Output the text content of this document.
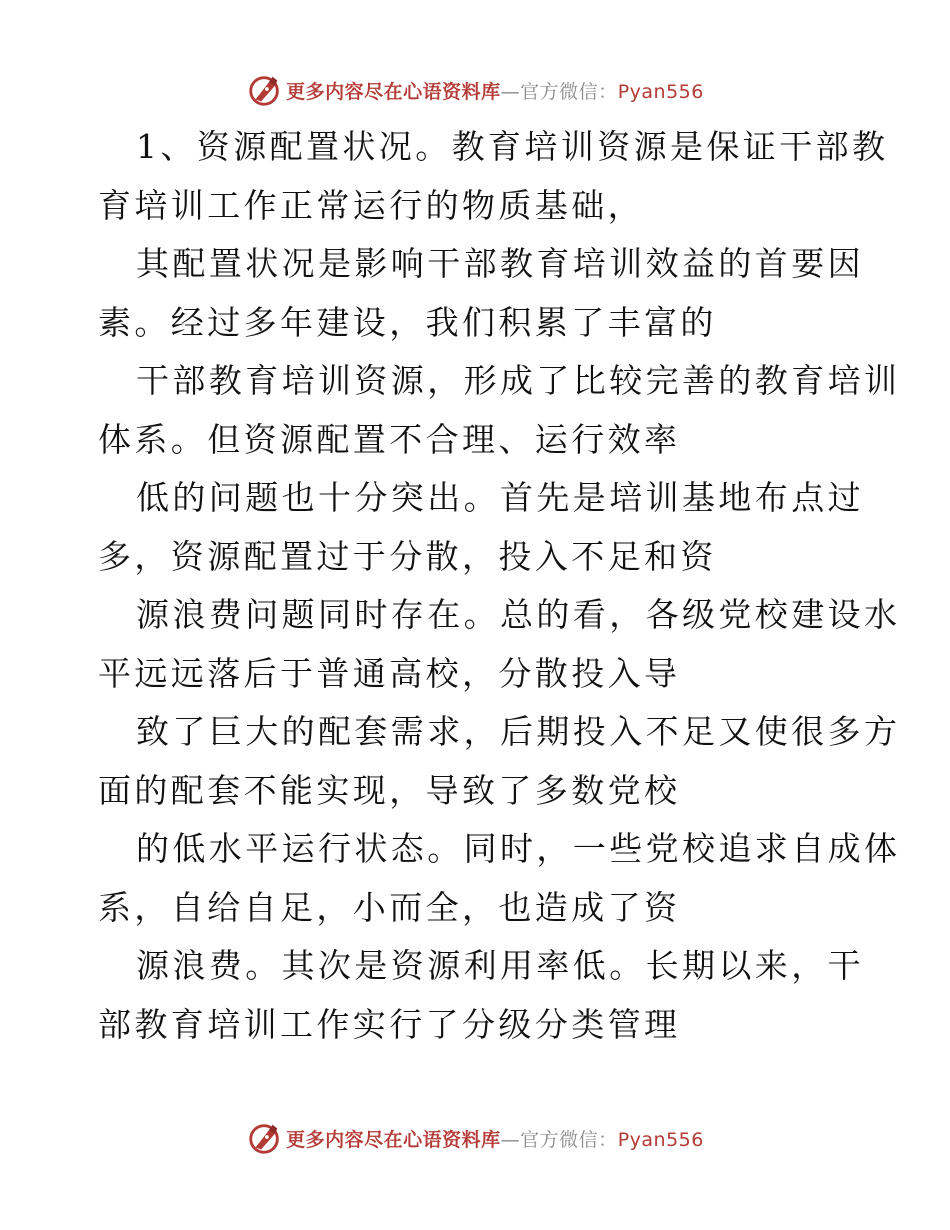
更多内容尽在心语资料库—官方微信：Pyan556
1、资源配置状况。教育培训资源是保证干部教
育培训工作正常运行的物质基础，
其配置状况是影响干部教育培训效益的首要因
素。经过多年建设，我们积累了丰富的
干部教育培训资源，形成了比较完善的教育培训
体系。但资源配置不合理、运行效率
低的问题也十分突出。首先是培训基地布点过
多，资源配置过于分散，投入不足和资
源浪费问题同时存在。总的看，各级党校建设水
平远远落后于普通高校，分散投入导
致了巨大的配套需求，后期投入不足又使很多方
面的配套不能实现，导致了多数党校
的低水平运行状态。同时，一些党校追求自成体
系，自给自足，小而全，也造成了资
源浪费。其次是资源利用率低。长期以来，干
部教育培训工作实行了分级分类管理
更多内容尽在心语资料库—官方微信：Pyan556
